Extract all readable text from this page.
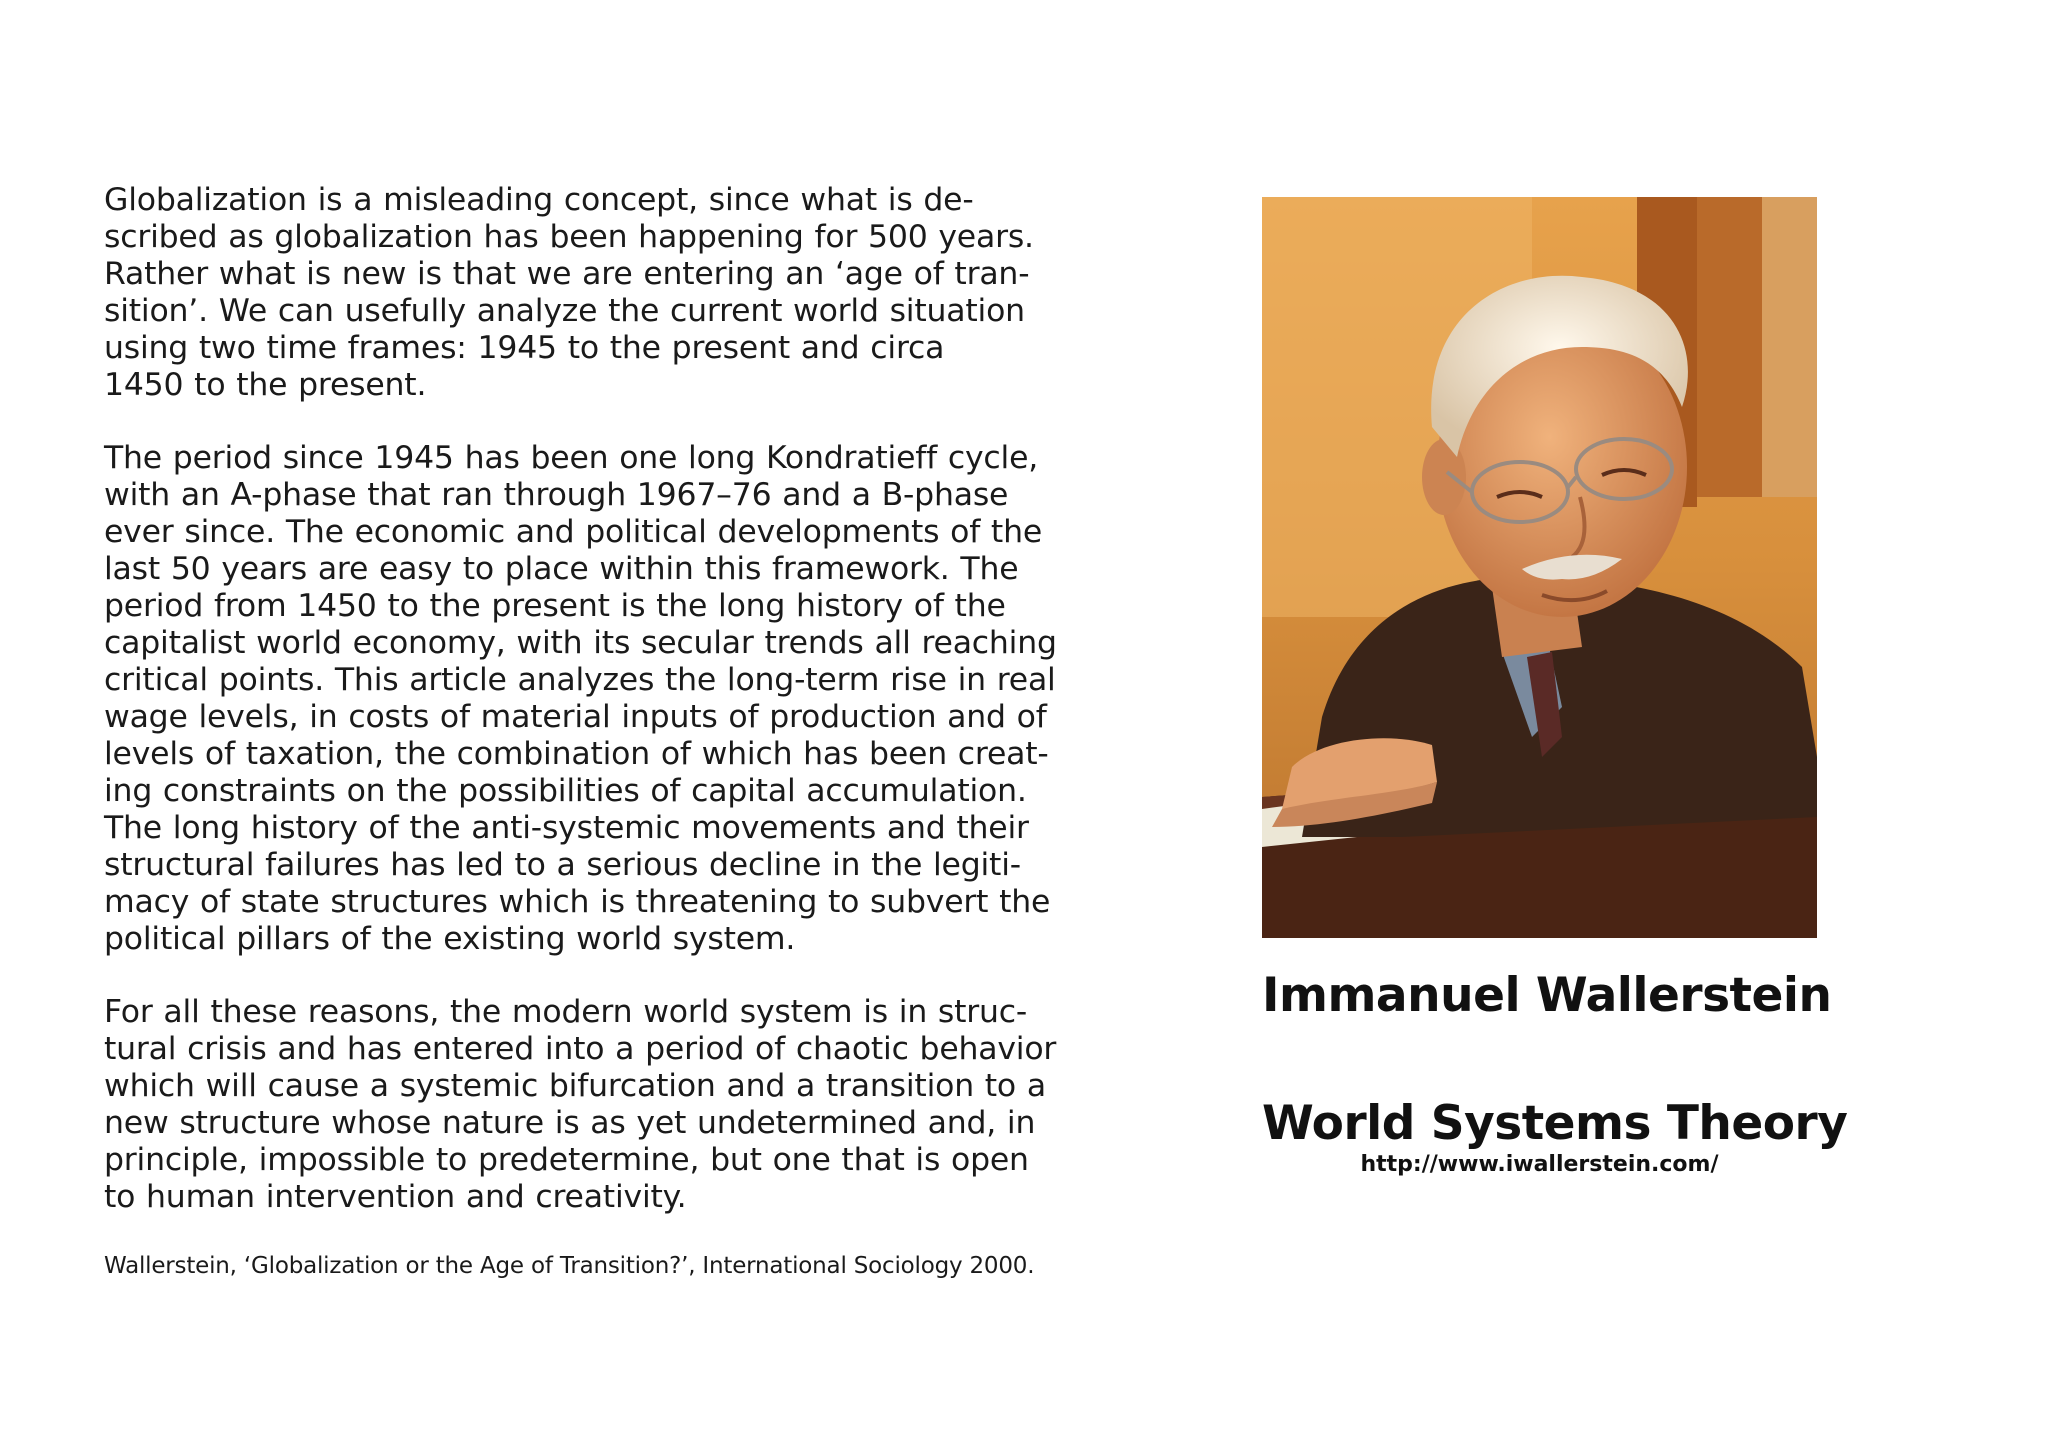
Globalization is a misleading concept, since what is de-
scribed as globalization has been happening for 500 years.
Rather what is new is that we are entering an ‘age of tran-
sition’. We can usefully analyze the current world situation
using two time frames: 1945 to the present and circa
1450 to the present.

The period since 1945 has been one long Kondratieff cycle,
with an A-phase that ran through 1967–76 and a B-phase
ever since. The economic and political developments of the
last 50 years are easy to place within this framework. The
period from 1450 to the present is the long history of the
capitalist world economy, with its secular trends all reaching
critical points. This article analyzes the long-term rise in real
wage levels, in costs of material inputs of production and of
levels of taxation, the combination of which has been creat-
ing constraints on the possibilities of capital accumulation.
The long history of the anti-systemic movements and their
structural failures has led to a serious decline in the legiti-
macy of state structures which is threatening to subvert the
political pillars of the existing world system.

For all these reasons, the modern world system is in struc-
tural crisis and has entered into a period of chaotic behavior
which will cause a systemic bifurcation and a transition to a
new structure whose nature is as yet undetermined and, in
principle, impossible to predetermine, but one that is open
to human intervention and creativity.

Wallerstein, ‘Globalization or the Age of Transition?’, International Sociology 2000.
Immanuel Wallerstein
World Systems Theory
http://www.iwallerstein.com/
